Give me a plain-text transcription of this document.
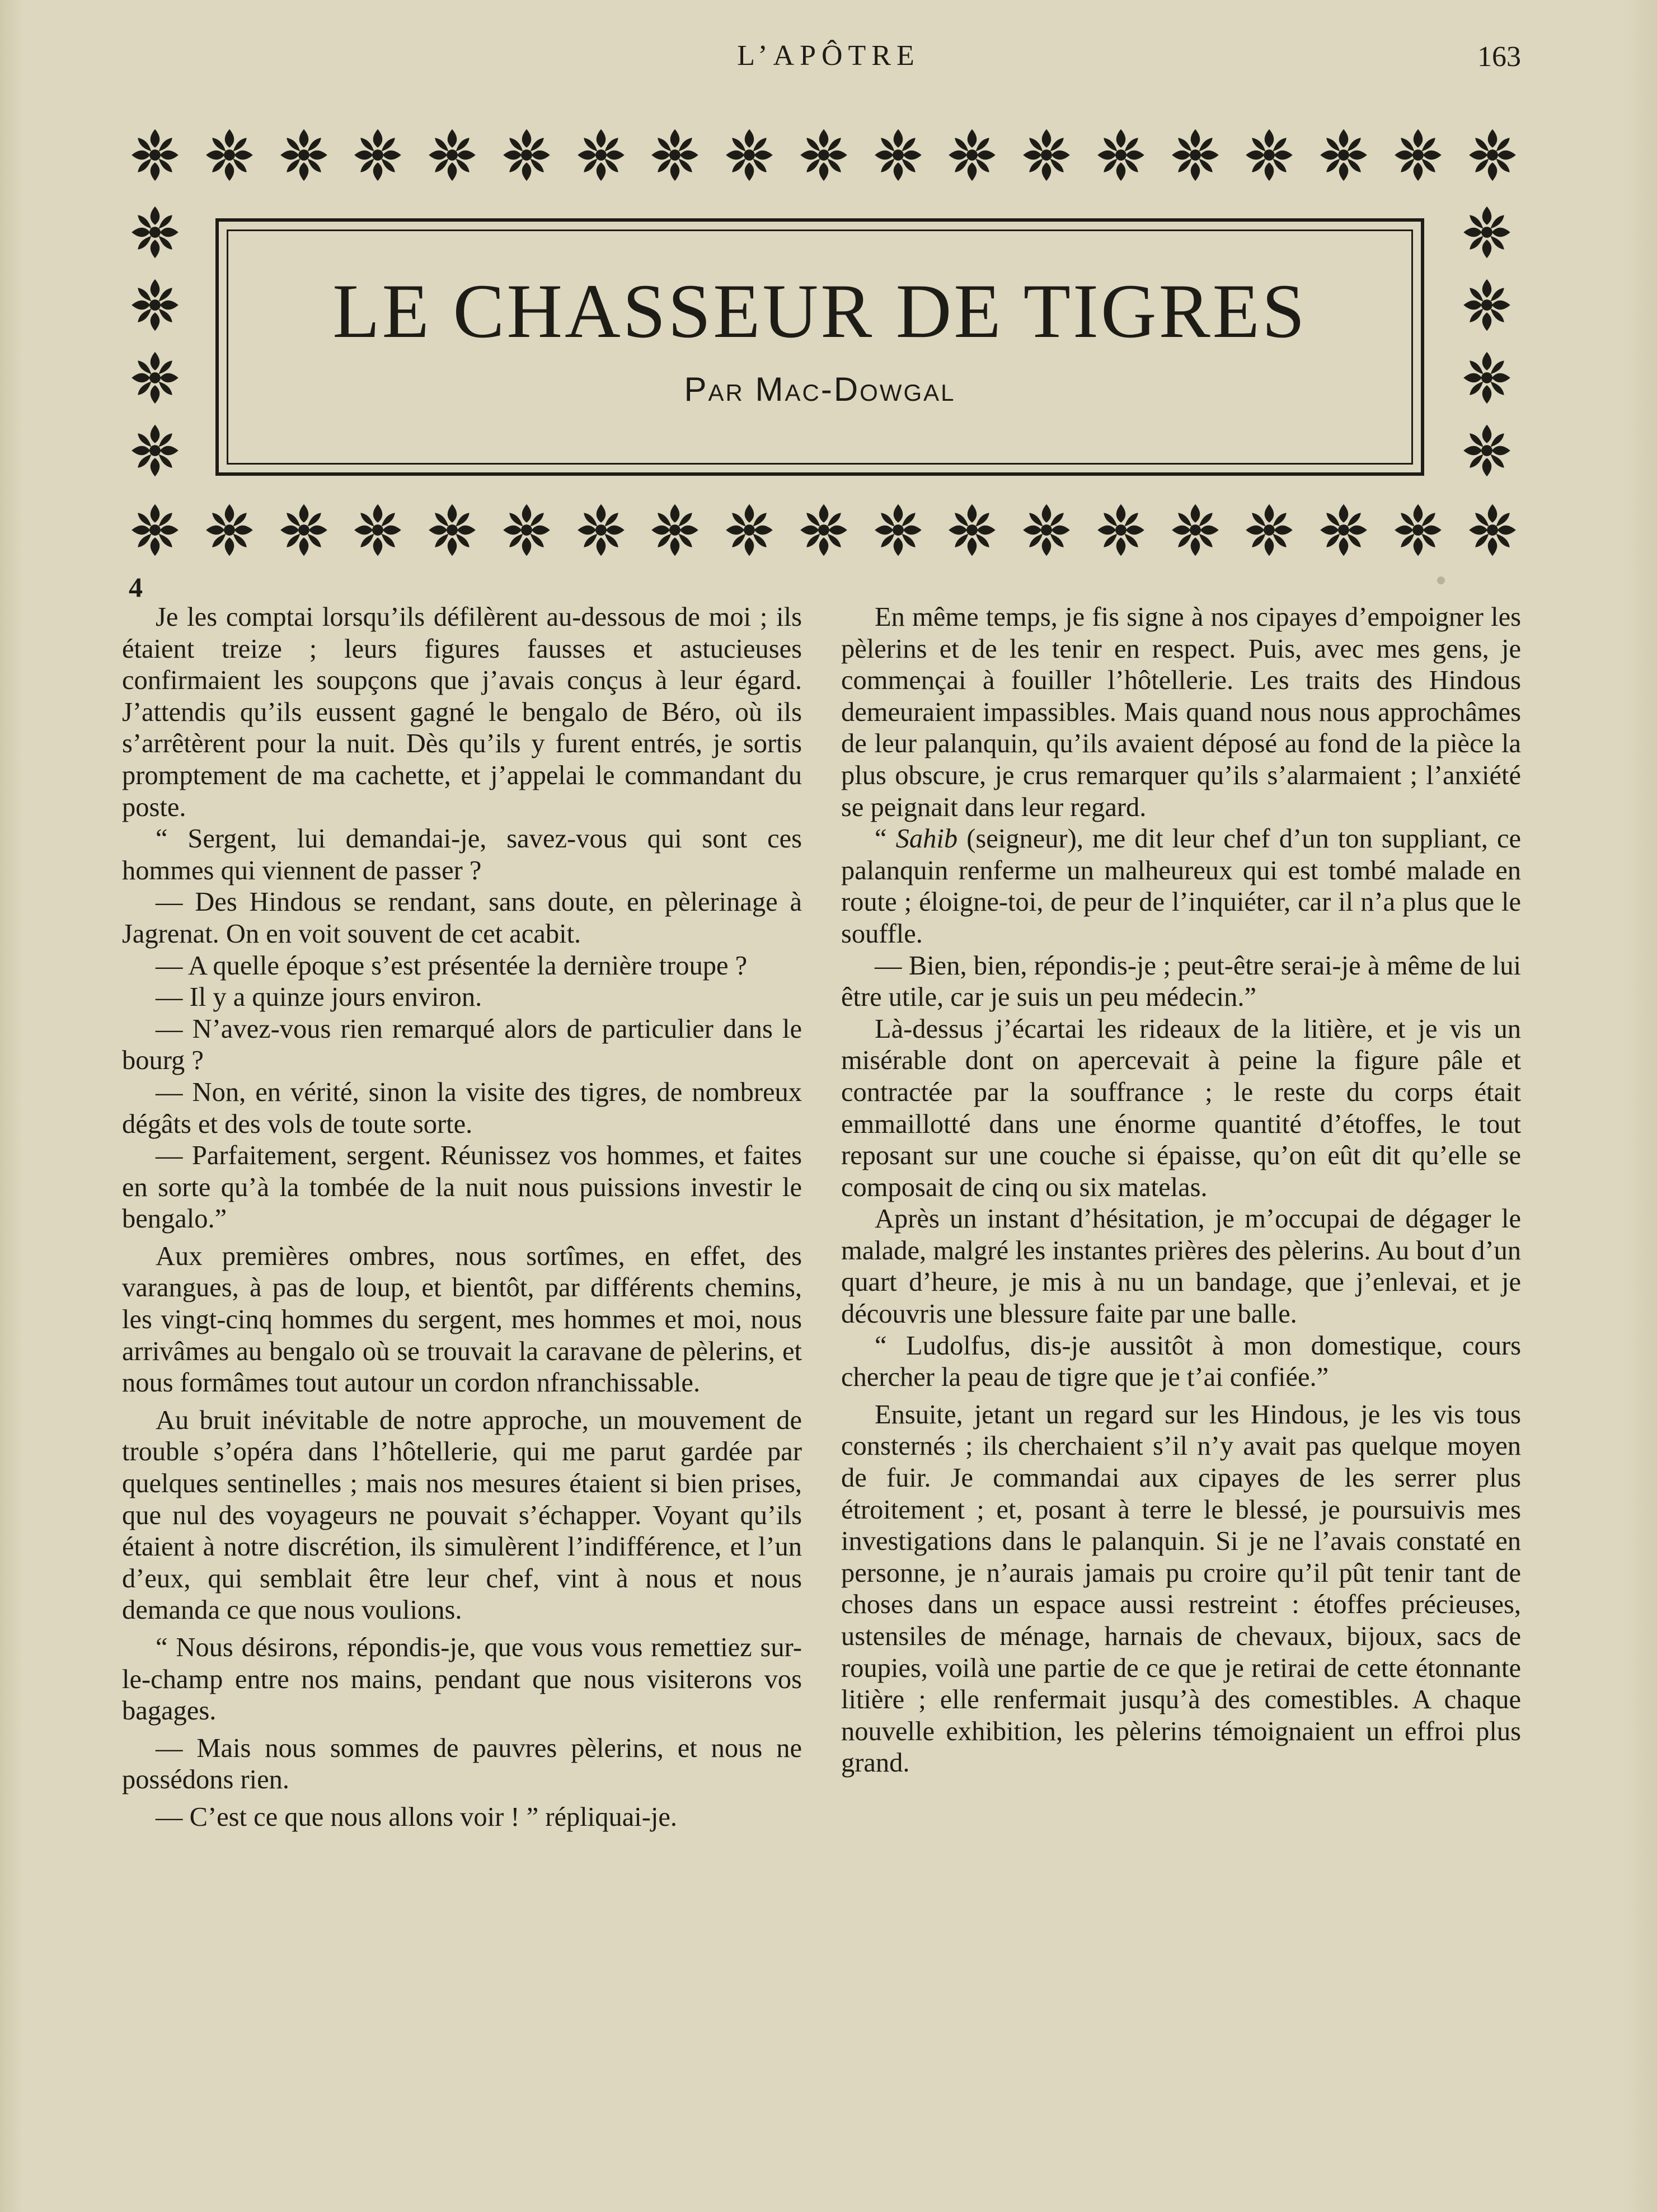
L’APÔTRE	163
LE CHASSEUR DE TIGRES
Par Mac-Dowgal
4

Je les comptai lorsqu’ils défilèrent au-dessous de moi ; ils étaient treize ; leurs figures fausses et astucieuses confirmaient les soupçons que j’avais conçus à leur égard. J’attendis qu’ils eussent gagné le bengalo de Béro, où ils s’arrêtèrent pour la nuit. Dès qu’ils y furent entrés, je sortis promptement de ma cachette, et j’appelai le commandant du poste.

“ Sergent, lui demandai-je, savez-vous qui sont ces hommes qui viennent de passer ?

— Des Hindous se rendant, sans doute, en pèlerinage à Jagrenat. On en voit souvent de cet acabit.

— A quelle époque s’est présentée la dernière troupe ?

— Il y a quinze jours environ.

— N’avez-vous rien remarqué alors de particulier dans le bourg ?

— Non, en vérité, sinon la visite des tigres, de nombreux dégâts et des vols de toute sorte.

— Parfaitement, sergent. Réunissez vos hommes, et faites en sorte qu’à la tombée de la nuit nous puissions investir le bengalo.”

Aux premières ombres, nous sortîmes, en effet, des varangues, à pas de loup, et bientôt, par différents chemins, les vingt-cinq hommes du sergent, mes hommes et moi, nous arrivâmes au bengalo où se trouvait la caravane de pèlerins, et nous formâmes tout autour un cordon nfranchissable.

Au bruit inévitable de notre approche, un mouvement de trouble s’opéra dans l’hôtellerie, qui me parut gardée par quelques sentinelles ; mais nos mesures étaient si bien prises, que nul des voyageurs ne pouvait s’échapper. Voyant qu’ils étaient à notre discrétion, ils simulèrent l’indifférence, et l’un d’eux, qui semblait être leur chef, vint à nous et nous demanda ce que nous voulions.

“ Nous désirons, répondis-je, que vous vous remettiez sur-le-champ entre nos mains, pendant que nous visiterons vos bagages.

— Mais nous sommes de pauvres pèlerins, et nous ne possédons rien.

— C’est ce que nous allons voir ! ” répliquai-je.

En même temps, je fis signe à nos cipayes d’empoigner les pèlerins et de les tenir en respect. Puis, avec mes gens, je commençai à fouiller l’hôtellerie. Les traits des Hindous demeuraient impassibles. Mais quand nous nous approchâmes de leur palanquin, qu’ils avaient déposé au fond de la pièce la plus obscure, je crus remarquer qu’ils s’alarmaient ; l’anxiété se peignait dans leur regard.

“ Sahib (seigneur), me dit leur chef d’un ton suppliant, ce palanquin renferme un malheureux qui est tombé malade en route ; éloigne-toi, de peur de l’inquiéter, car il n’a plus que le souffle.

— Bien, bien, répondis-je ; peut-être serai-je à même de lui être utile, car je suis un peu médecin.”

Là-dessus j’écartai les rideaux de la litière, et je vis un misérable dont on apercevait à peine la figure pâle et contractée par la souffrance ; le reste du corps était emmaillotté dans une énorme quantité d’étoffes, le tout reposant sur une couche si épaisse, qu’on eût dit qu’elle se composait de cinq ou six matelas.

Après un instant d’hésitation, je m’occupai de dégager le malade, malgré les instantes prières des pèlerins. Au bout d’un quart d’heure, je mis à nu un bandage, que j’enlevai, et je découvris une blessure faite par une balle.

“ Ludolfus, dis-je aussitôt à mon domestique, cours chercher la peau de tigre que je t’ai confiée.”

Ensuite, jetant un regard sur les Hindous, je les vis tous consternés ; ils cherchaient s’il n’y avait pas quelque moyen de fuir. Je commandai aux cipayes de les serrer plus étroitement ; et, posant à terre le blessé, je poursuivis mes investigations dans le palanquin. Si je ne l’avais constaté en personne, je n’aurais jamais pu croire qu’il pût tenir tant de choses dans un espace aussi restreint : étoffes précieuses, ustensiles de ménage, harnais de chevaux, bijoux, sacs de roupies, voilà une partie de ce que je retirai de cette étonnante litière ; elle renfermait jusqu’à des comestibles. A chaque nouvelle exhibition, les pèlerins témoignaient un effroi plus grand.
